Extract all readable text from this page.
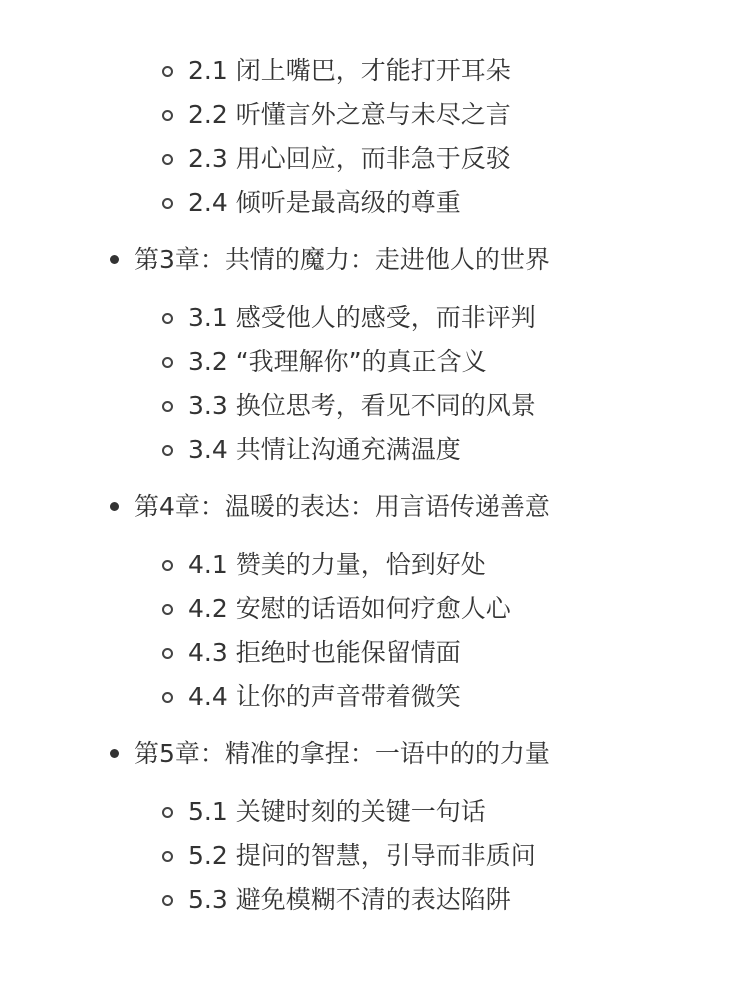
2.1 闭上嘴巴，才能打开耳朵
2.2 听懂言外之意与未尽之言
2.3 用心回应，而非急于反驳
2.4 倾听是最高级的尊重
第3章：共情的魔力：走进他人的世界
3.1 感受他人的感受，而非评判
3.2 “我理解你”的真正含义
3.3 换位思考，看见不同的风景
3.4 共情让沟通充满温度
第4章：温暖的表达：用言语传递善意
4.1 赞美的力量，恰到好处
4.2 安慰的话语如何疗愈人心
4.3 拒绝时也能保留情面
4.4 让你的声音带着微笑
第5章：精准的拿捏：一语中的的力量
5.1 关键时刻的关键一句话
5.2 提问的智慧，引导而非质问
5.3 避免模糊不清的表达陷阱
